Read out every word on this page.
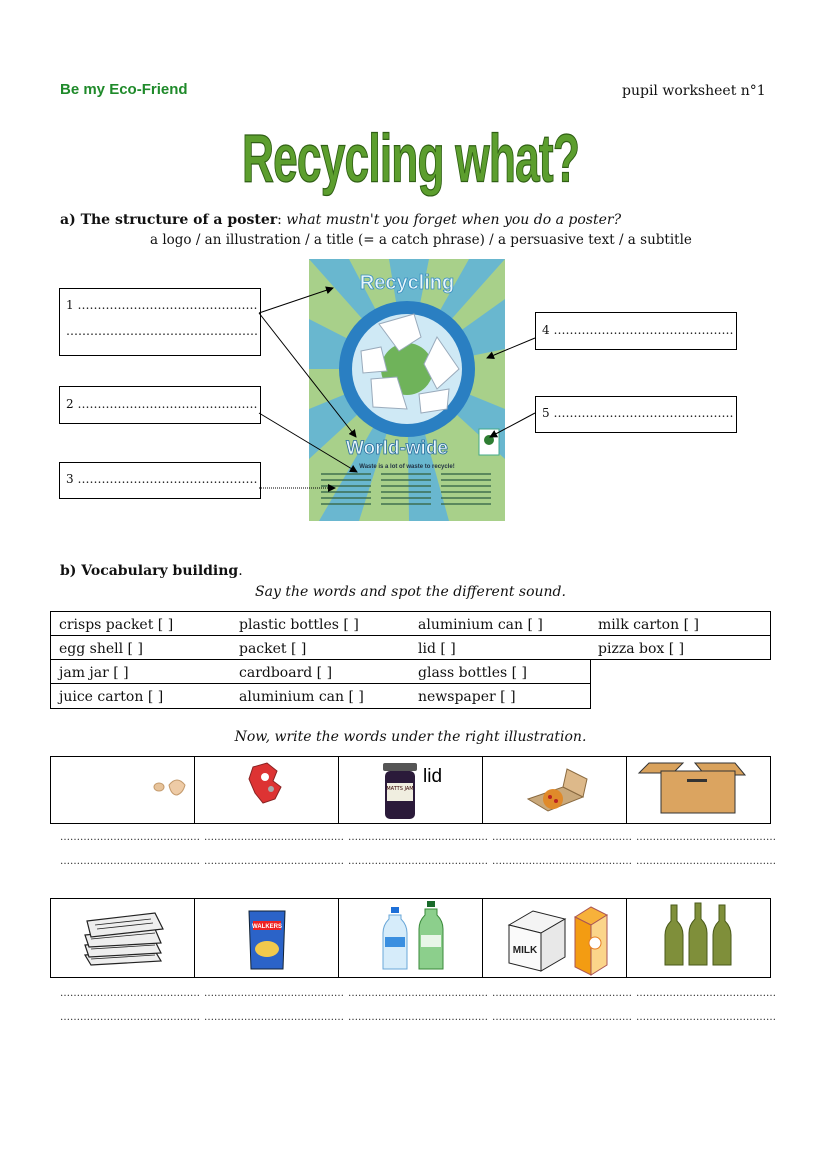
Be my Eco-Friend	pupil worksheet n°1
Recycling what?
a) The structure of a poster: what mustn't you forget when you do a poster?
a logo / an illustration / a title (= a catch phrase) / a persuasive text / a subtitle
1 ………………………………………
…………………………………………
2 ………………………………………
3 ………………………………………
4 ………………………………………
5 ………………………………………
Recycling
World-wide
Waste is a lot of waste to recycle!
b) Vocabulary building.
Say the words and spot the different sound.
crisps packet [ ]	plastic bottles [ ]	aluminium can [ ]	milk carton [ ]
egg shell [ ]	packet [ ]	lid [ ]	pizza box [ ]
jam jar [ ]	cardboard [ ]	glass bottles [ ]
juice carton [ ]	aluminium can [ ]	newspaper [ ]
Now, write the words under the right illustration.
MATTS JAM
lid
…………………………………… …………………………………… …………………………………… …………………………………… ……………………………………
…………………………………… …………………………………… …………………………………… …………………………………… ……………………………………
WALKERS
MILK
…………………………………… …………………………………… …………………………………… …………………………………… ……………………………………
…………………………………… …………………………………… …………………………………… …………………………………… ……………………………………
